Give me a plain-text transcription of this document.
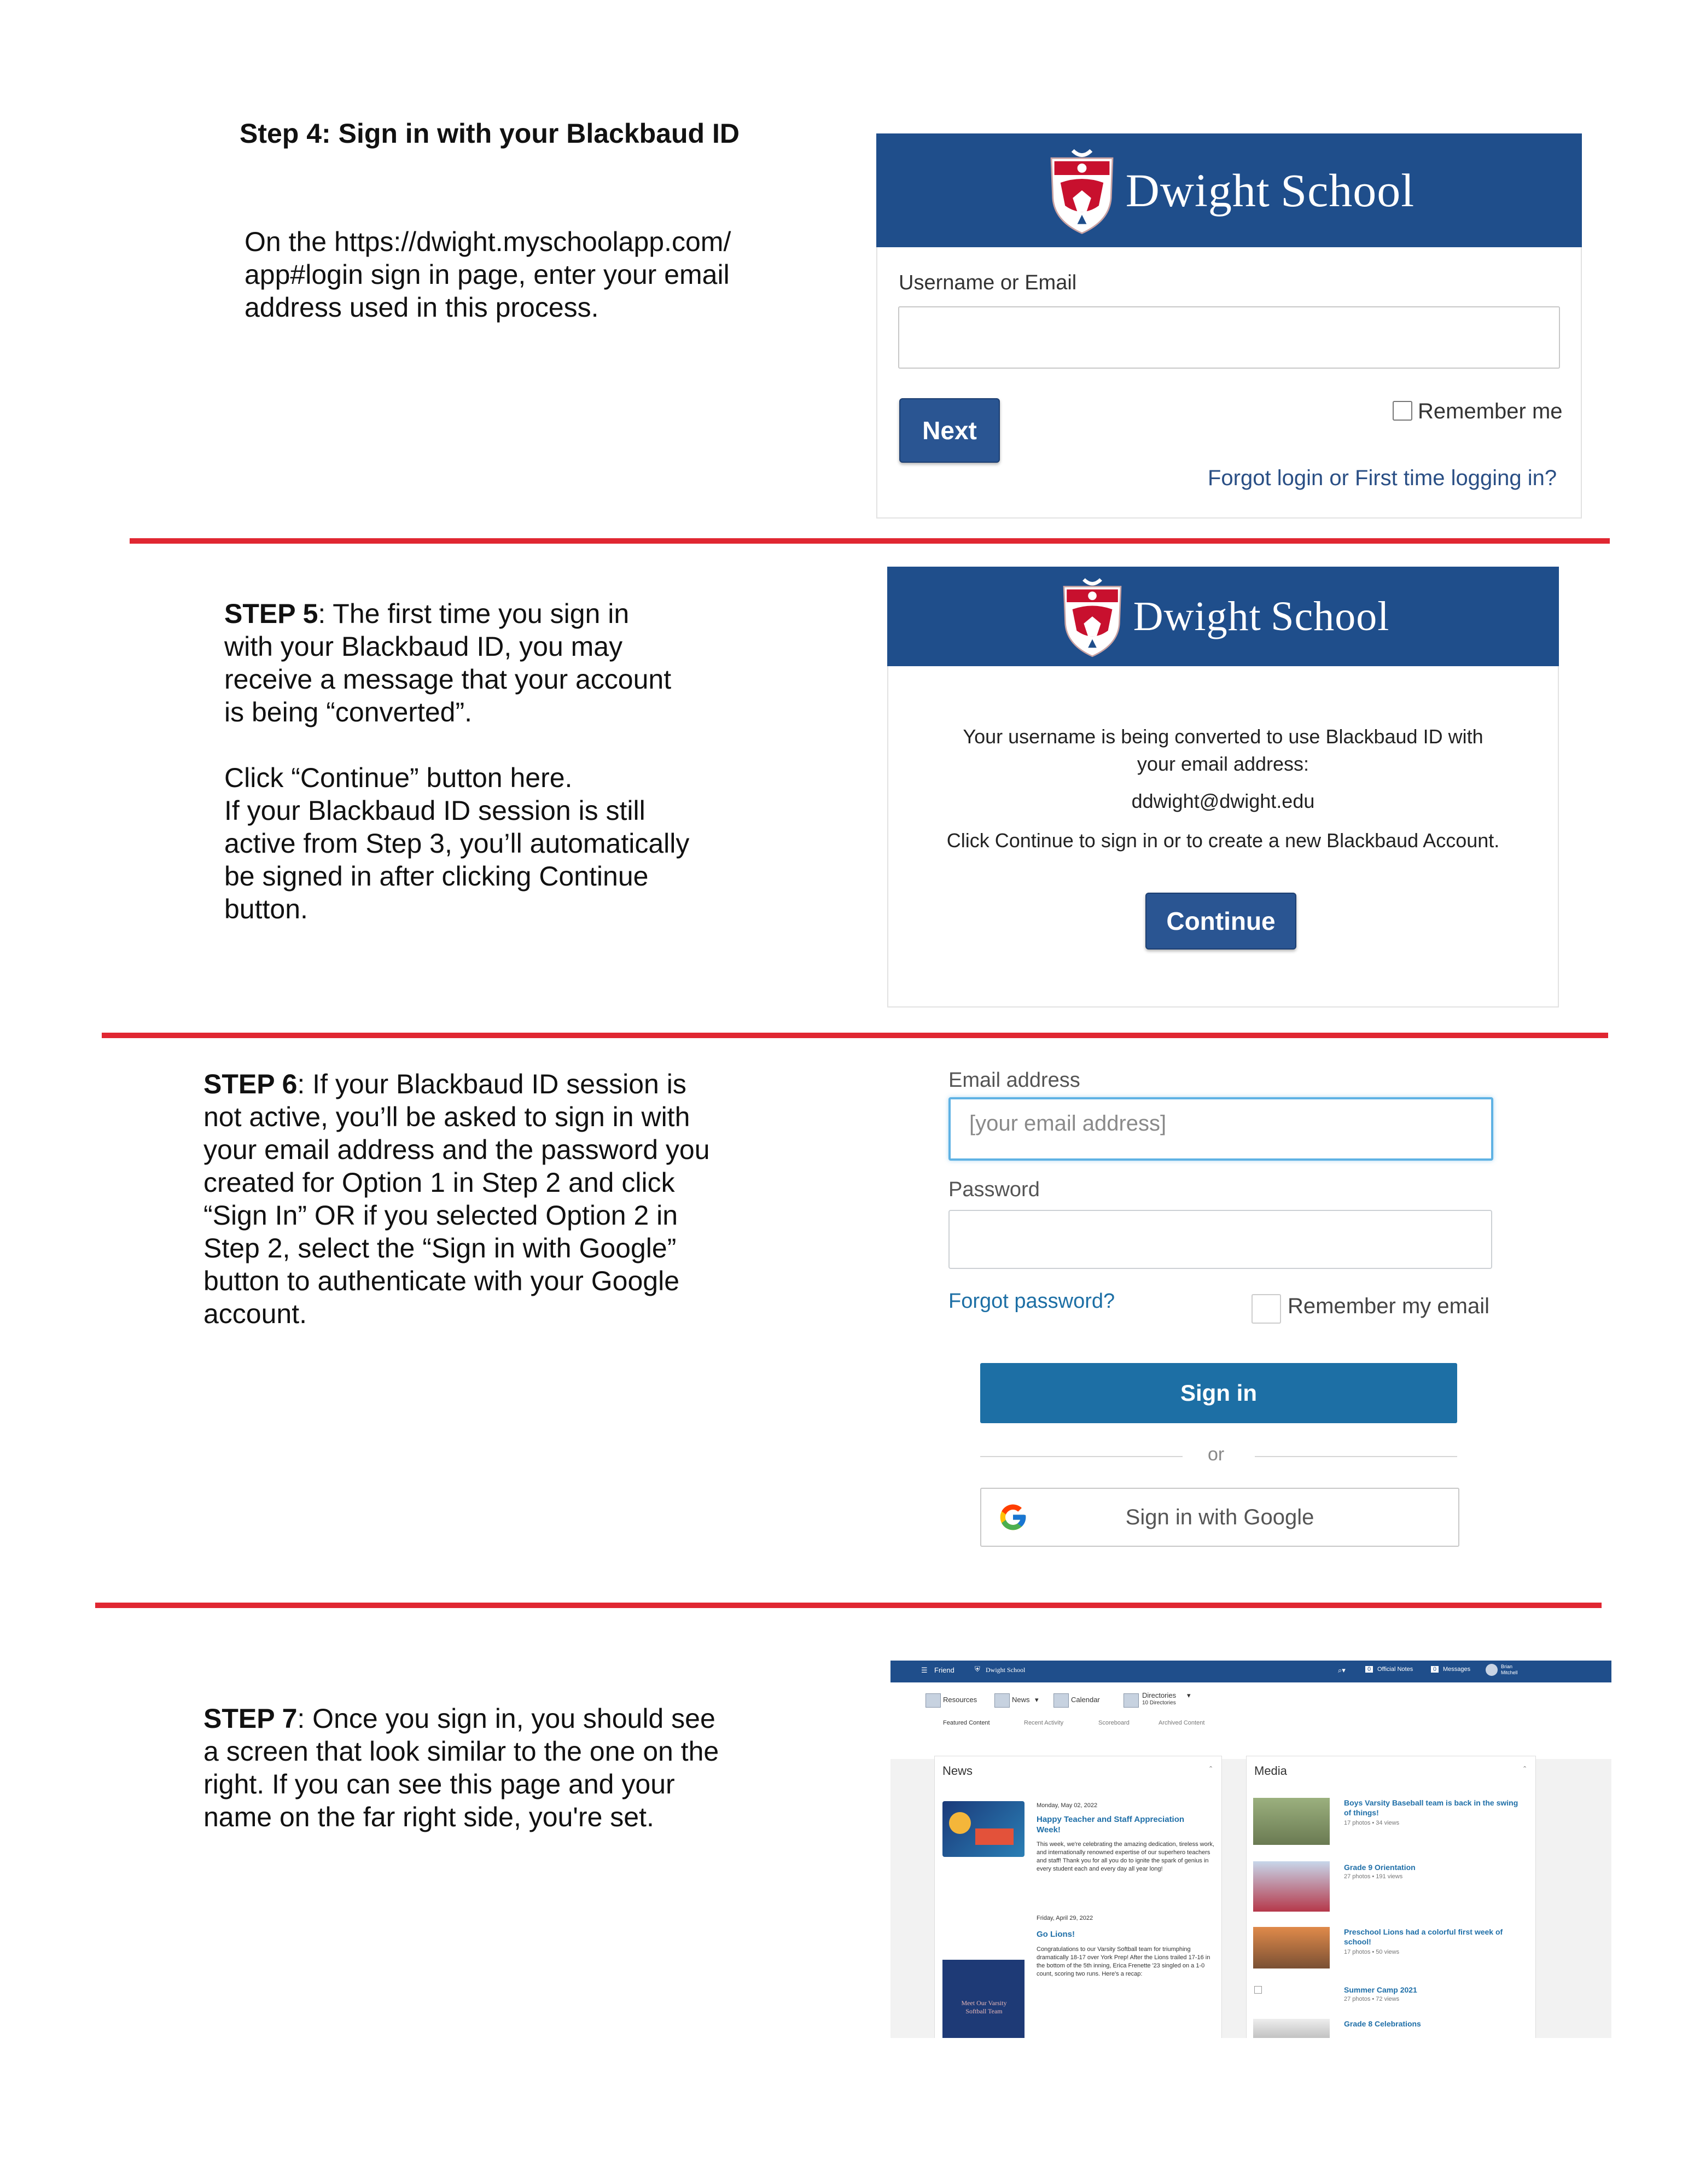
Step 4: Sign in with your Blackbaud ID

On the https://dwight.myschoolapp.com/
app#login sign in page, enter your email
address used in this process.

Dwight School
Username or Email
Next
Remember me
Forgot login or First time logging in?

STEP 5: The first time you sign in
with your Blackbaud ID, you may
receive a message that your account
is being “converted”.

Click “Continue” button here.
If your Blackbaud ID session is still
active from Step 3, you’ll automatically
be signed in after clicking Continue
button.

Dwight School
Your username is being converted to use Blackbaud ID with
your email address:
ddwight@dwight.edu
Click Continue to sign in or to create a new Blackbaud Account.
Continue

STEP 6: If your Blackbaud ID session is
not active, you’ll be asked to sign in with
your email address and the password you
created for Option 1 in Step 2 and click
“Sign In” OR if you selected Option 2 in
Step 2, select the “Sign in with Google”
button to authenticate with your Google
account.

Email address
[your email address]
Password
Forgot password?	Remember my email
Sign in
or
Sign in with Google

STEP 7: Once you sign in, you should see
a screen that look similar to the one on the
right. If you can see this page and your
name on the far right side, you're set.

☰ Friend	⛨ Dwight School	⌕▾	0	Official Notes	0	Messages	Brian Mitchell
Resources	News ▾	Calendar
Directories ▾
10 Directories
Featured Content	Recent Activity	Scoreboard	Archived Content
News	⌃
Monday, May 02, 2022
Happy Teacher and Staff Appreciation Week!
This week, we're celebrating the amazing dedication, tireless work, and internationally renowned expertise of our superhero teachers and staff! Thank you for all you do to ignite the spark of genius in every student each and every day all year long!
Friday, April 29, 2022
Go Lions!
Meet Our Varsity Softball Team
Congratulations to our Varsity Softball team for triumphing dramatically 18-17 over York Prep! After the Lions trailed 17-16 in the bottom of the 5th inning, Erica Frenette '23 singled on a 1-0 count, scoring two runs. Here's a recap:
Media	⌃
Boys Varsity Baseball team is back in the swing of things!
17 photos • 34 views
Grade 9 Orientation
27 photos • 191 views
Preschool Lions had a colorful first week of school!
17 photos • 50 views
Summer Camp 2021
27 photos • 72 views
Grade 8 Celebrations
